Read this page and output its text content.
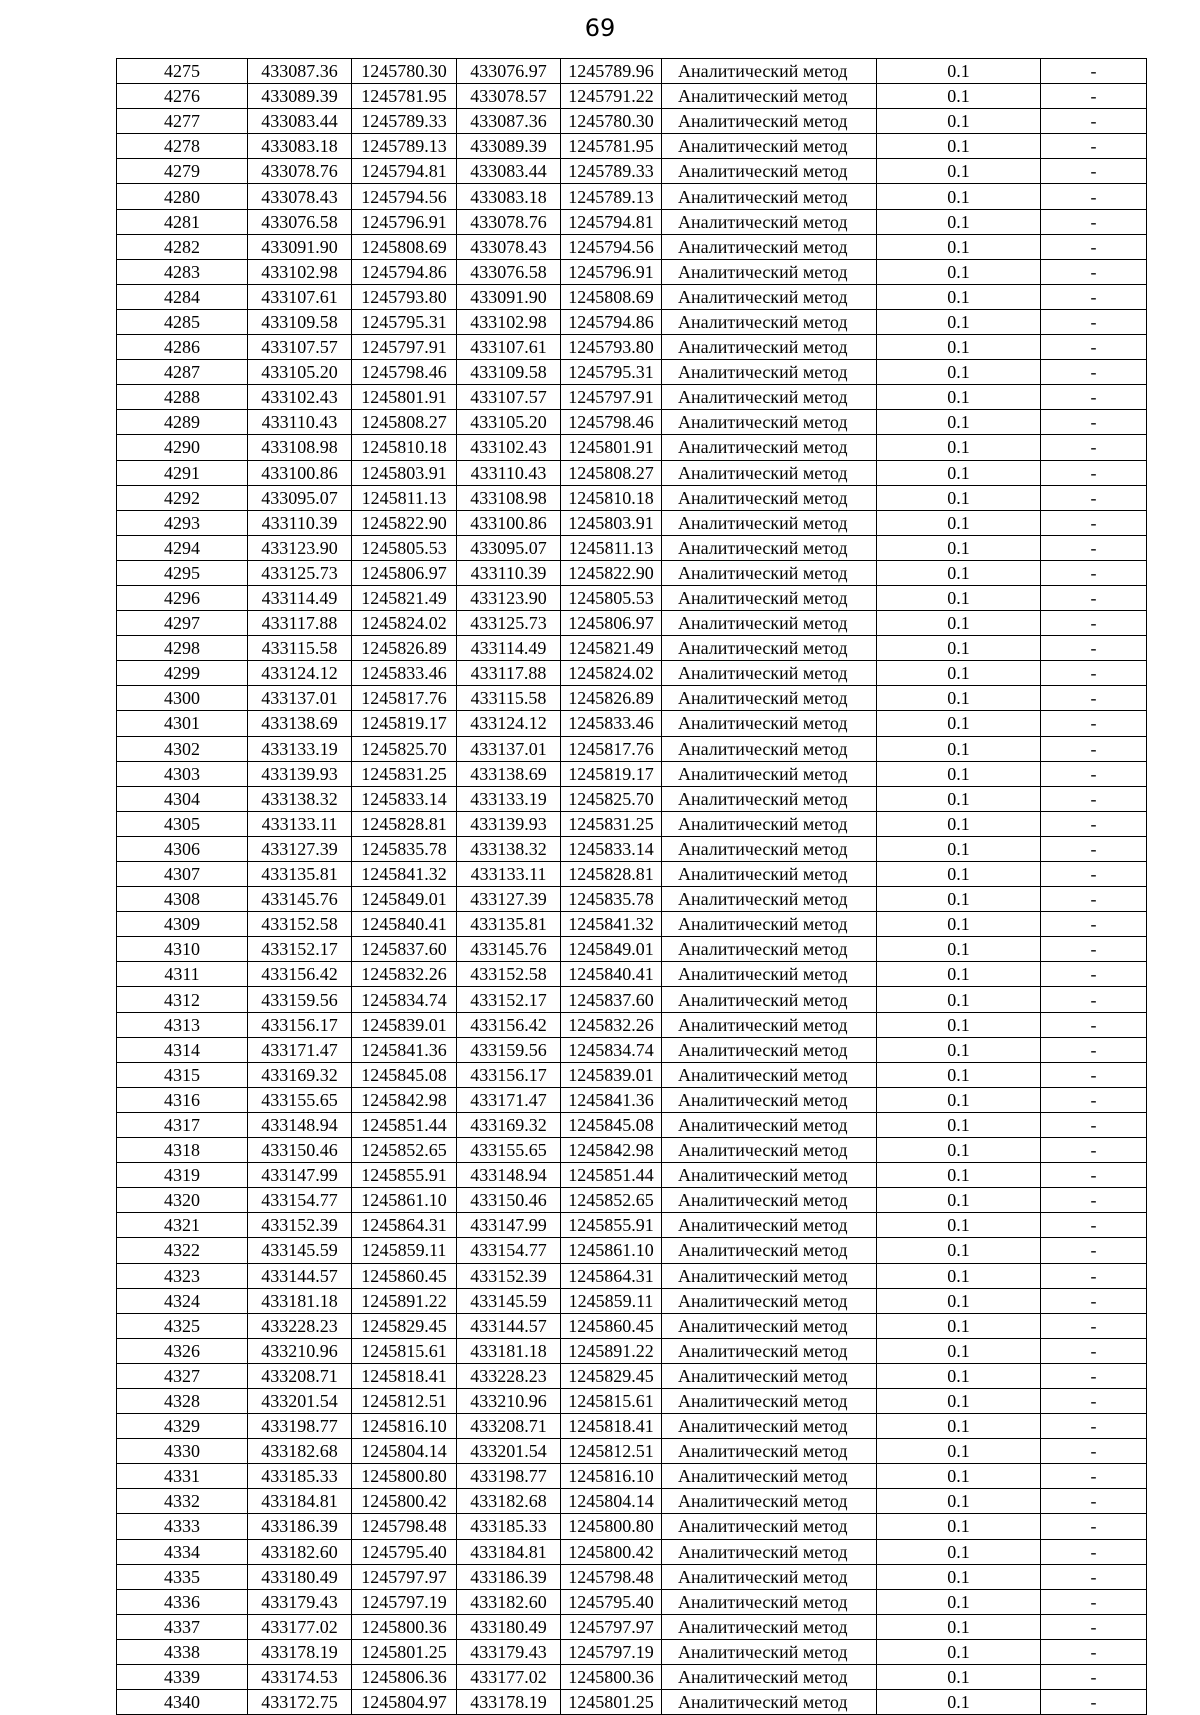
69
4275	433087.36	1245780.30	433076.97	1245789.96	Аналитический метод	0.1	-
4276	433089.39	1245781.95	433078.57	1245791.22	Аналитический метод	0.1	-
4277	433083.44	1245789.33	433087.36	1245780.30	Аналитический метод	0.1	-
4278	433083.18	1245789.13	433089.39	1245781.95	Аналитический метод	0.1	-
4279	433078.76	1245794.81	433083.44	1245789.33	Аналитический метод	0.1	-
4280	433078.43	1245794.56	433083.18	1245789.13	Аналитический метод	0.1	-
4281	433076.58	1245796.91	433078.76	1245794.81	Аналитический метод	0.1	-
4282	433091.90	1245808.69	433078.43	1245794.56	Аналитический метод	0.1	-
4283	433102.98	1245794.86	433076.58	1245796.91	Аналитический метод	0.1	-
4284	433107.61	1245793.80	433091.90	1245808.69	Аналитический метод	0.1	-
4285	433109.58	1245795.31	433102.98	1245794.86	Аналитический метод	0.1	-
4286	433107.57	1245797.91	433107.61	1245793.80	Аналитический метод	0.1	-
4287	433105.20	1245798.46	433109.58	1245795.31	Аналитический метод	0.1	-
4288	433102.43	1245801.91	433107.57	1245797.91	Аналитический метод	0.1	-
4289	433110.43	1245808.27	433105.20	1245798.46	Аналитический метод	0.1	-
4290	433108.98	1245810.18	433102.43	1245801.91	Аналитический метод	0.1	-
4291	433100.86	1245803.91	433110.43	1245808.27	Аналитический метод	0.1	-
4292	433095.07	1245811.13	433108.98	1245810.18	Аналитический метод	0.1	-
4293	433110.39	1245822.90	433100.86	1245803.91	Аналитический метод	0.1	-
4294	433123.90	1245805.53	433095.07	1245811.13	Аналитический метод	0.1	-
4295	433125.73	1245806.97	433110.39	1245822.90	Аналитический метод	0.1	-
4296	433114.49	1245821.49	433123.90	1245805.53	Аналитический метод	0.1	-
4297	433117.88	1245824.02	433125.73	1245806.97	Аналитический метод	0.1	-
4298	433115.58	1245826.89	433114.49	1245821.49	Аналитический метод	0.1	-
4299	433124.12	1245833.46	433117.88	1245824.02	Аналитический метод	0.1	-
4300	433137.01	1245817.76	433115.58	1245826.89	Аналитический метод	0.1	-
4301	433138.69	1245819.17	433124.12	1245833.46	Аналитический метод	0.1	-
4302	433133.19	1245825.70	433137.01	1245817.76	Аналитический метод	0.1	-
4303	433139.93	1245831.25	433138.69	1245819.17	Аналитический метод	0.1	-
4304	433138.32	1245833.14	433133.19	1245825.70	Аналитический метод	0.1	-
4305	433133.11	1245828.81	433139.93	1245831.25	Аналитический метод	0.1	-
4306	433127.39	1245835.78	433138.32	1245833.14	Аналитический метод	0.1	-
4307	433135.81	1245841.32	433133.11	1245828.81	Аналитический метод	0.1	-
4308	433145.76	1245849.01	433127.39	1245835.78	Аналитический метод	0.1	-
4309	433152.58	1245840.41	433135.81	1245841.32	Аналитический метод	0.1	-
4310	433152.17	1245837.60	433145.76	1245849.01	Аналитический метод	0.1	-
4311	433156.42	1245832.26	433152.58	1245840.41	Аналитический метод	0.1	-
4312	433159.56	1245834.74	433152.17	1245837.60	Аналитический метод	0.1	-
4313	433156.17	1245839.01	433156.42	1245832.26	Аналитический метод	0.1	-
4314	433171.47	1245841.36	433159.56	1245834.74	Аналитический метод	0.1	-
4315	433169.32	1245845.08	433156.17	1245839.01	Аналитический метод	0.1	-
4316	433155.65	1245842.98	433171.47	1245841.36	Аналитический метод	0.1	-
4317	433148.94	1245851.44	433169.32	1245845.08	Аналитический метод	0.1	-
4318	433150.46	1245852.65	433155.65	1245842.98	Аналитический метод	0.1	-
4319	433147.99	1245855.91	433148.94	1245851.44	Аналитический метод	0.1	-
4320	433154.77	1245861.10	433150.46	1245852.65	Аналитический метод	0.1	-
4321	433152.39	1245864.31	433147.99	1245855.91	Аналитический метод	0.1	-
4322	433145.59	1245859.11	433154.77	1245861.10	Аналитический метод	0.1	-
4323	433144.57	1245860.45	433152.39	1245864.31	Аналитический метод	0.1	-
4324	433181.18	1245891.22	433145.59	1245859.11	Аналитический метод	0.1	-
4325	433228.23	1245829.45	433144.57	1245860.45	Аналитический метод	0.1	-
4326	433210.96	1245815.61	433181.18	1245891.22	Аналитический метод	0.1	-
4327	433208.71	1245818.41	433228.23	1245829.45	Аналитический метод	0.1	-
4328	433201.54	1245812.51	433210.96	1245815.61	Аналитический метод	0.1	-
4329	433198.77	1245816.10	433208.71	1245818.41	Аналитический метод	0.1	-
4330	433182.68	1245804.14	433201.54	1245812.51	Аналитический метод	0.1	-
4331	433185.33	1245800.80	433198.77	1245816.10	Аналитический метод	0.1	-
4332	433184.81	1245800.42	433182.68	1245804.14	Аналитический метод	0.1	-
4333	433186.39	1245798.48	433185.33	1245800.80	Аналитический метод	0.1	-
4334	433182.60	1245795.40	433184.81	1245800.42	Аналитический метод	0.1	-
4335	433180.49	1245797.97	433186.39	1245798.48	Аналитический метод	0.1	-
4336	433179.43	1245797.19	433182.60	1245795.40	Аналитический метод	0.1	-
4337	433177.02	1245800.36	433180.49	1245797.97	Аналитический метод	0.1	-
4338	433178.19	1245801.25	433179.43	1245797.19	Аналитический метод	0.1	-
4339	433174.53	1245806.36	433177.02	1245800.36	Аналитический метод	0.1	-
4340	433172.75	1245804.97	433178.19	1245801.25	Аналитический метод	0.1	-
